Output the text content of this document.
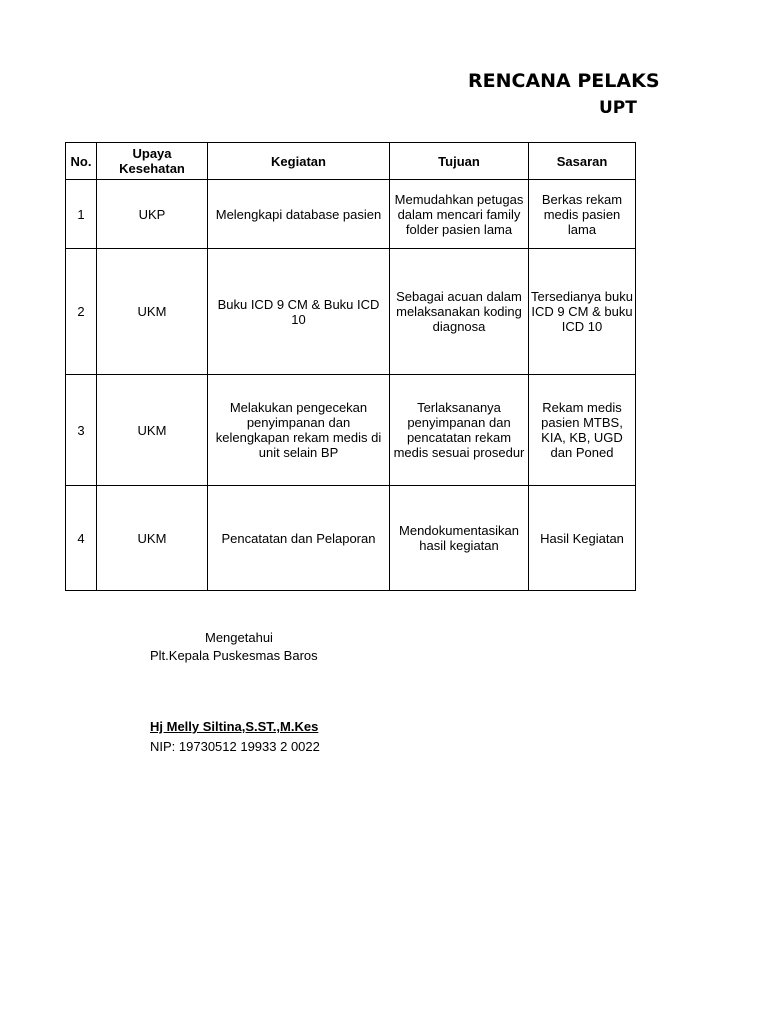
RENCANA PELAKS
UPT
No.	Upaya Kesehatan	Kegiatan	Tujuan	Sasaran
1	UKP	Melengkapi database pasien	Memudahkan petugas dalam mencari family folder pasien lama	Berkas rekam medis pasien lama
2	UKM	Buku ICD 9 CM & Buku ICD 10	Sebagai acuan dalam melaksanakan koding diagnosa	Tersedianya buku ICD 9 CM & buku ICD 10
3	UKM	Melakukan pengecekan penyimpanan dan kelengkapan rekam medis di unit selain BP	Terlaksananya penyimpanan dan pencatatan rekam medis sesuai prosedur	Rekam medis pasien MTBS, KIA, KB, UGD dan Poned
4	UKM	Pencatatan dan Pelaporan	Mendokumentasikan hasil kegiatan	Hasil Kegiatan
Mengetahui
Plt.Kepala Puskesmas Baros
Hj Melly Siltina,S.ST.,M.Kes
NIP: 19730512 19933 2 0022
